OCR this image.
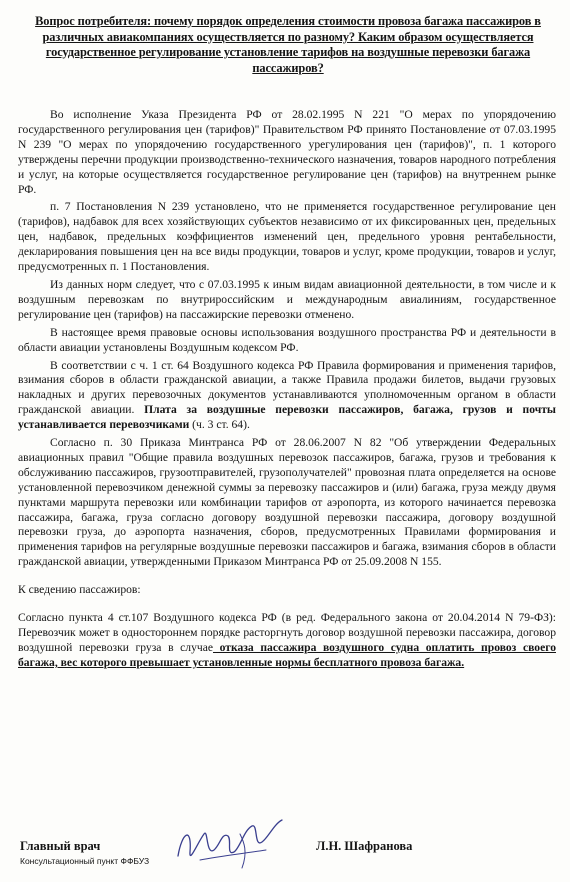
Вопрос потребителя: почему порядок определения стоимости провоза багажа пассажиров в различных авиакомпаниях осуществляется по разному? Каким образом осуществляется государственное регулирование установление тарифов на воздушные перевозки багажа пассажиров?

Во исполнение Указа Президента РФ от 28.02.1995 N 221 "О мерах по упорядочению государственного регулирования цен (тарифов)" Правительством РФ принято Постановление от 07.03.1995 N 239 "О мерах по упорядочению государственного урегулирования цен (тарифов)", п. 1 которого утверждены перечни продукции производственно-технического назначения, товаров народного потребления и услуг, на которые осуществляется государственное регулирование цен (тарифов) на внутреннем рынке РФ.

п. 7 Постановления N 239 установлено, что не применяется государственное регулирование цен (тарифов), надбавок для всех хозяйствующих субъектов независимо от их фиксированных цен, предельных цен, надбавок, предельных коэффициентов изменений цен, предельного уровня рентабельности, декларирования повышения цен на все виды продукции, товаров и услуг, кроме продукции, товаров и услуг, предусмотренных п. 1 Постановления.

Из данных норм следует, что с 07.03.1995 к иным видам авиационной деятельности, в том числе и к воздушным перевозкам по внутрироссийским и международным авиалиниям, государственное регулирование цен (тарифов) на пассажирские перевозки отменено.

В настоящее время правовые основы использования воздушного пространства РФ и деятельности в области авиации установлены Воздушным кодексом РФ.

В соответствии с ч. 1 ст. 64 Воздушного кодекса РФ Правила формирования и применения тарифов, взимания сборов в области гражданской авиации, а также Правила продажи билетов, выдачи грузовых накладных и других перевозочных документов устанавливаются уполномоченным органом в области гражданской авиации. Плата за воздушные перевозки пассажиров, багажа, грузов и почты устанавливается перевозчиками (ч. 3 ст. 64).

Согласно п. 30 Приказа Минтранса РФ от 28.06.2007 N 82 "Об утверждении Федеральных авиационных правил "Общие правила воздушных перевозок пассажиров, багажа, грузов и требования к обслуживанию пассажиров, грузоотправителей, грузополучателей" провозная плата определяется на основе установленной перевозчиком денежной суммы за перевозку пассажиров и (или) багажа, груза между двумя пунктами маршрута перевозки или комбинации тарифов от аэропорта, из которого начинается перевозка пассажира, багажа, груза согласно договору воздушной перевозки пассажира, договору воздушной перевозки груза, до аэропорта назначения, сборов, предусмотренных Правилами формирования и применения тарифов на регулярные воздушные перевозки пассажиров и багажа, взимания сборов в области гражданской авиации, утвержденными Приказом Минтранса РФ от 25.09.2008 N 155.

К сведению пассажиров:

Согласно пункта 4 ст.107 Воздушного кодекса РФ (в ред. Федерального закона от 20.04.2014 N 79-ФЗ): Перевозчик может в одностороннем порядке расторгнуть договор воздушной перевозки пассажира, договор воздушной перевозки груза в случае отказа пассажира воздушного судна оплатить провоз своего багажа, вес которого превышает установленные нормы бесплатного провоза багажа.

Главный врач
Консультационный пункт ФФБУЗ
Л.Н. Шафранова
